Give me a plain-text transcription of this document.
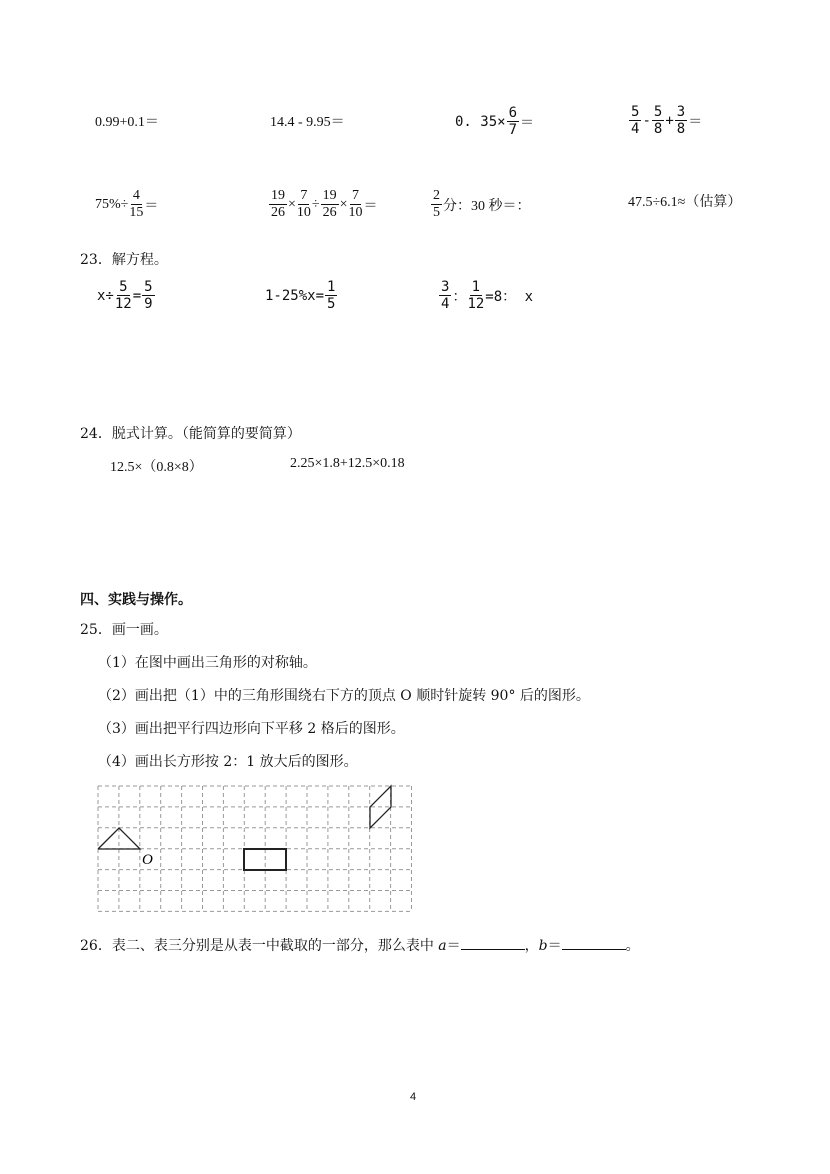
0.99+0.1＝	14.4 - 9.95＝	0. $35\times \frac{6}{7}$ ＝	$\frac{5}{4} - \frac{5}{8} + \frac{3}{8}$ ＝
$75\%\div \frac{4}{15}$ ＝	$\frac{19}{26} \times \frac{7}{10} \div \frac{19}{26} \times \frac{7}{10}$ ＝	$\frac{2}{5}$ 分：30 秒＝：	47.5÷6.1≈（估算）
23．解方程。
$x\div \frac{5}{12} = \frac{5}{9}$	$1-25\%x= \frac{1}{5}$	$\frac{3}{4}$ ： $\frac{1}{12} =8$： x
24．脱式计算。（能简算的要简算）
12.5×（0.8×8）	2.25×1.8+12.5×0.18
四、实践与操作。
25．画一画。
（1）在图中画出三角形的对称轴。
（2）画出把（1）中的三角形围绕右下方的顶点 O 顺时针旋转 90° 后的图形。
（3）画出把平行四边形向下平移 2 格后的图形。
（4）画出长方形按 2：1 放大后的图形。
O
26．表二、表三分别是从表一中截取的一部分，那么表中 a＝	，b＝	。
4
